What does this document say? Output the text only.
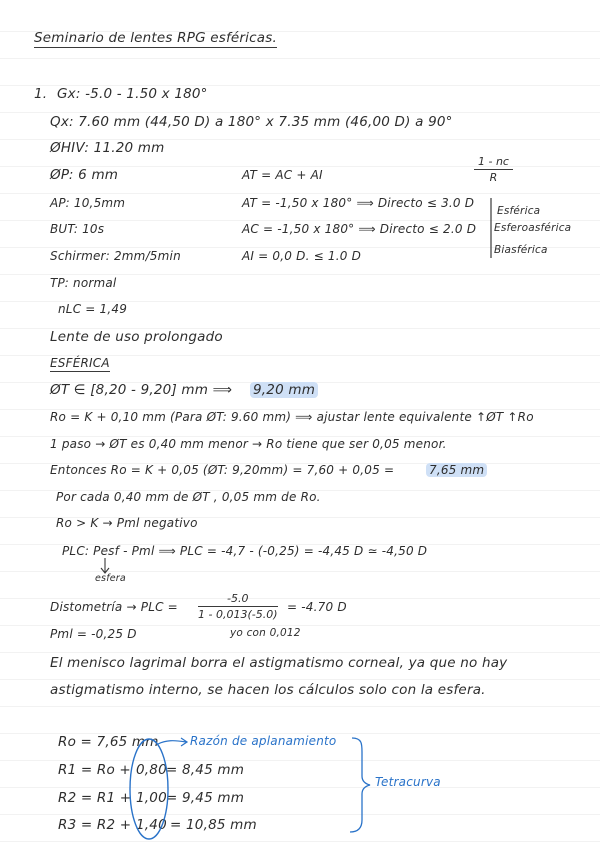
Seminario de lentes RPG esféricas.
1. Gx: -5.0 - 1.50 x 180°
Qx: 7.60 mm (44,50 D) a 180° x 7.35 mm (46,00 D) a 90°
ØHIV: 11.20 mm
ØP: 6 mm
AP: 10,5mm
BUT: 10s
Schirmer: 2mm/5min
TP: normal
nLC = 1,49
Lente de uso prolongado
AT = AC + AI
1 - nc
R
AT = -1,50 x 180° ⟹ Directo ≤ 3.0 D
AC = -1,50 x 180° ⟹ Directo ≤ 2.0 D
AI = 0,0 D. ≤ 1.0 D
Esférica
Esferoasférica
Biasférica
ESFÉRICA
ØT ∈ [8,20 - 9,20] mm ⟹ 9,20 mm
Ro = K + 0,10 mm (Para ØT: 9.60 mm) ⟹ ajustar lente equivalente ↑ØT ↑Ro
1 paso → ØT es 0,40 mm menor → Ro tiene que ser 0,05 menor.
Entonces Ro = K + 0,05 (ØT: 9,20mm) = 7,60 + 0,05 =	7,65 mm
Por cada 0,40 mm de ØT , 0,05 mm de Ro.
Ro > K → Pml negativo
PLC: Pesf - Pml ⟹ PLC = -4,7 - (-0,25) = -4,45 D ≃ -4,50 D
esfera
Distometría → PLC =
-5.0
1 - 0,013(-5.0)
= -4.70 D
Pml = -0,25 D	yo con 0,012
El menisco lagrimal borra el astigmatismo corneal, ya que no hay
astigmatismo interno, se hacen los cálculos solo con la esfera.
Ro = 7,65 mm	Razón de aplanamiento
R1 = Ro + 0,80 = 8,45 mm
R2 = R1 + 1,00 = 9,45 mm
R3 = R2 + 1,40 = 10,85 mm
Tetracurva
